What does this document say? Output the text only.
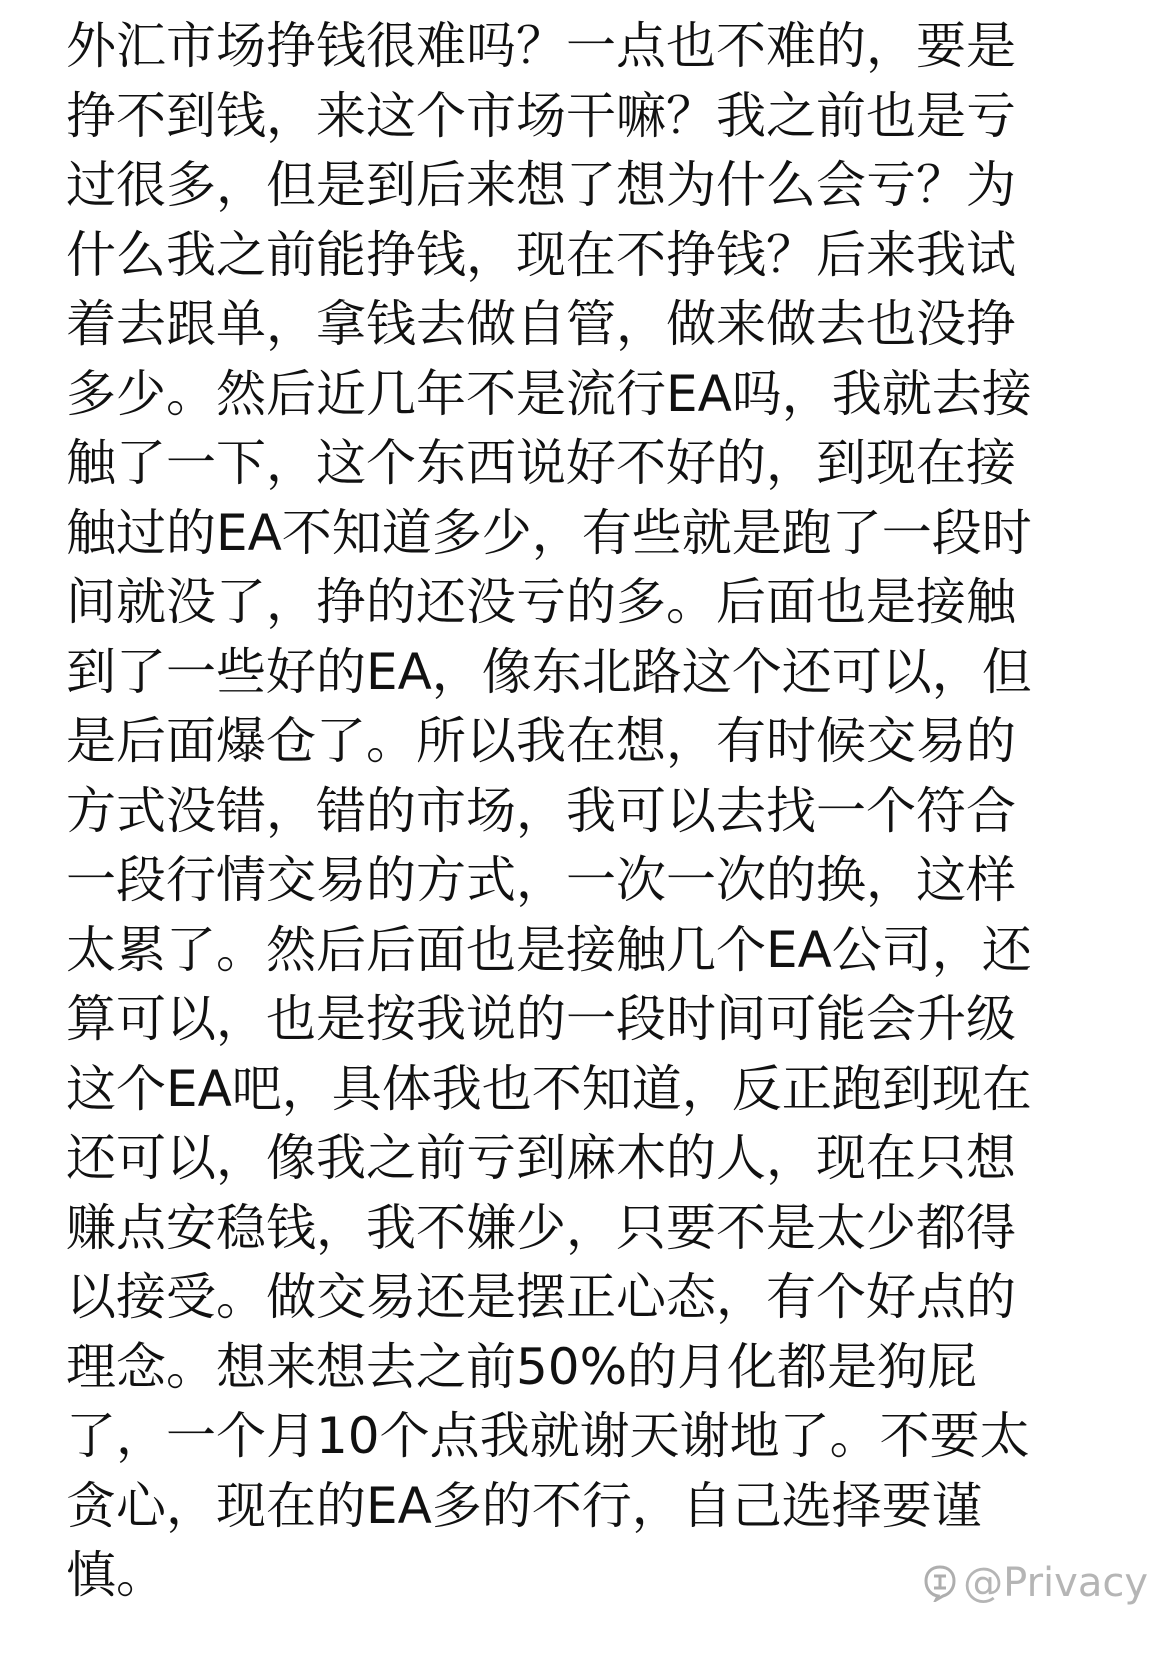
外汇市场挣钱很难吗？一点也不难的，要是
挣不到钱，来这个市场干嘛？我之前也是亏
过很多，但是到后来想了想为什么会亏？为
什么我之前能挣钱，现在不挣钱？后来我试
着去跟单，拿钱去做自管，做来做去也没挣
多少。然后近几年不是流行EA吗，我就去接
触了一下，这个东西说好不好的，到现在接
触过的EA不知道多少，有些就是跑了一段时
间就没了，挣的还没亏的多。后面也是接触
到了一些好的EA，像东北路这个还可以，但
是后面爆仓了。所以我在想，有时候交易的
方式没错，错的市场，我可以去找一个符合
一段行情交易的方式，一次一次的换，这样
太累了。然后后面也是接触几个EA公司，还
算可以，也是按我说的一段时间可能会升级
这个EA吧，具体我也不知道，反正跑到现在
还可以，像我之前亏到麻木的人，现在只想
赚点安稳钱，我不嫌少，只要不是太少都得
以接受。做交易还是摆正心态，有个好点的
理念。想来想去之前50%的月化都是狗屁
了，一个月10个点我就谢天谢地了。不要太
贪心，现在的EA多的不行，自己选择要谨
慎。	@Privacy
